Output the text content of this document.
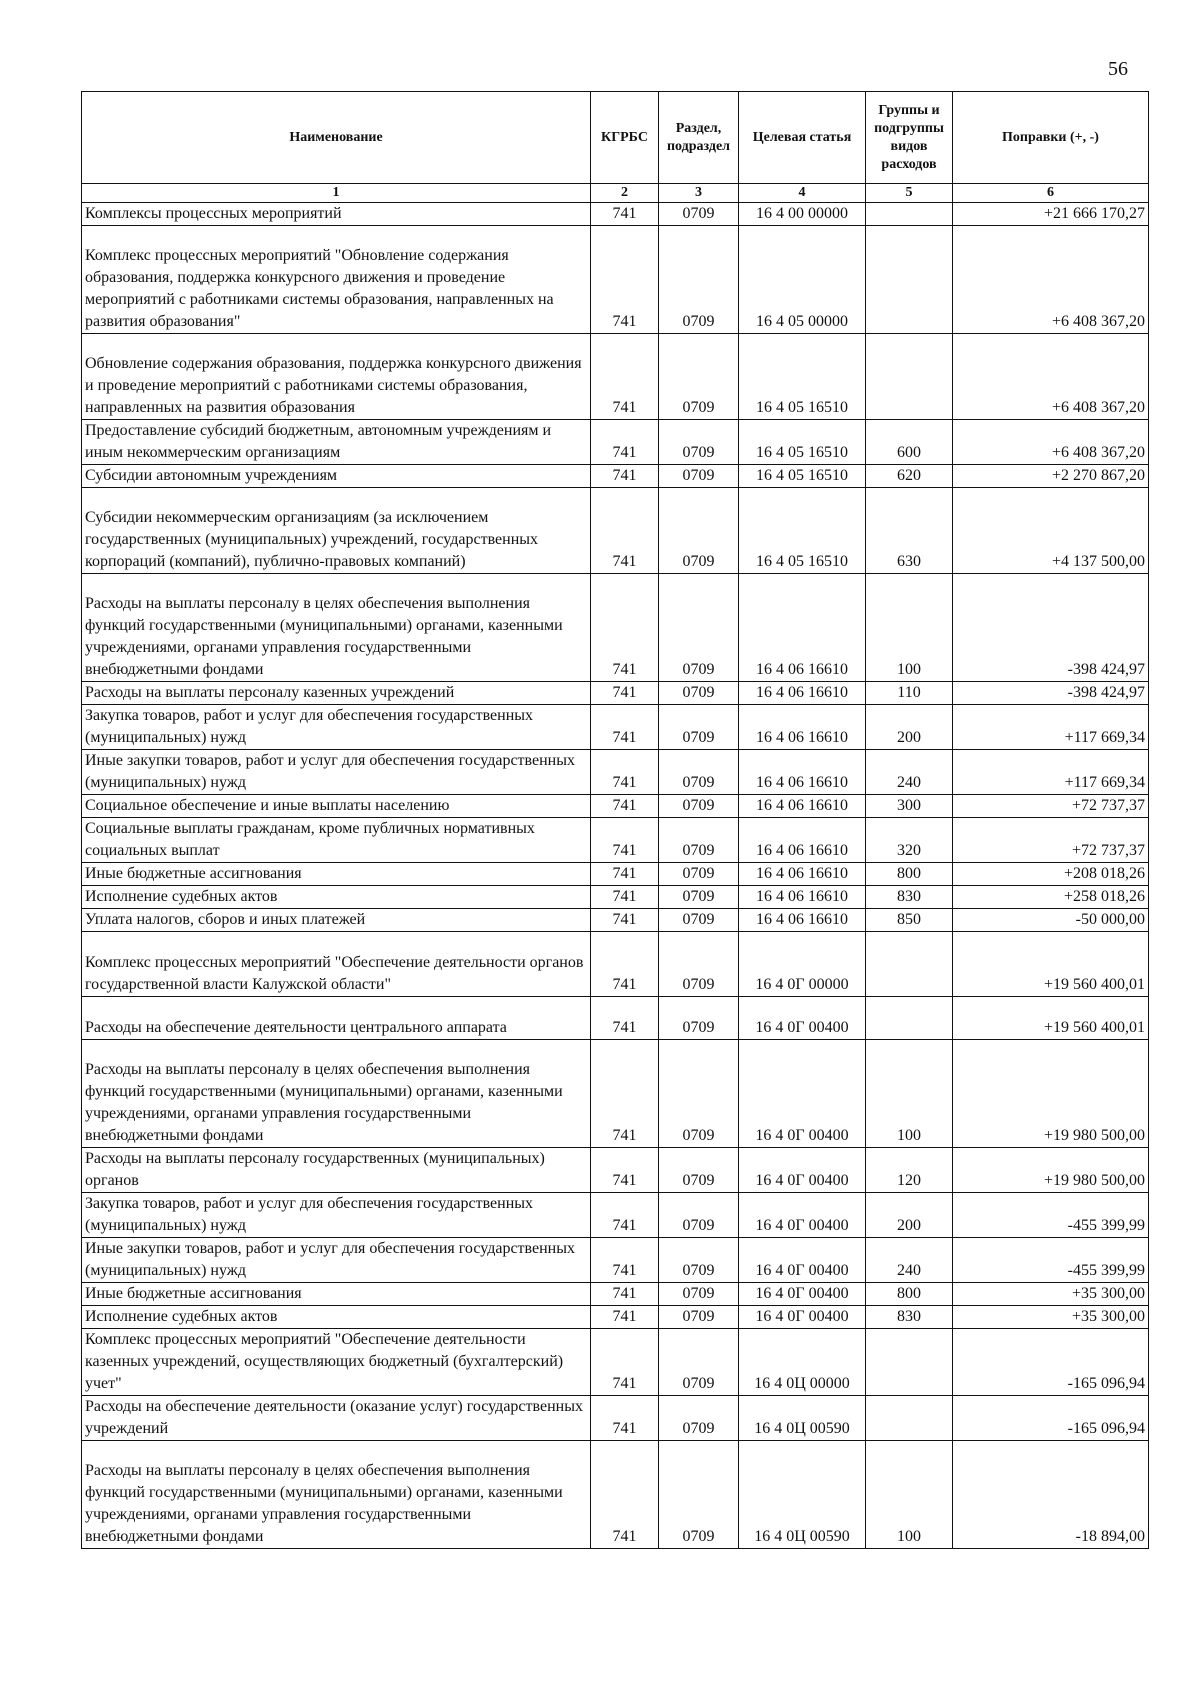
56
Наименование	КГРБС	Раздел, подраздел	Целевая статья	Группы и подгруппы видов расходов	Поправки (+, -)
1	2	3	4	5	6
Комплексы процессных мероприятий	741	0709	16 4 00 00000		+21 666 170,27
Комплекс процессных мероприятий "Обновление содержания образования, поддержка конкурсного движения и проведение мероприятий с работниками системы образования, направленных на развития образования"	741	0709	16 4 05 00000		+6 408 367,20
Обновление содержания образования, поддержка конкурсного движения и проведение мероприятий с работниками системы образования, направленных на развития образования	741	0709	16 4 05 16510		+6 408 367,20
Предоставление субсидий бюджетным, автономным учреждениям и иным некоммерческим организациям	741	0709	16 4 05 16510	600	+6 408 367,20
Субсидии автономным учреждениям	741	0709	16 4 05 16510	620	+2 270 867,20
Субсидии некоммерческим организациям (за исключением государственных (муниципальных) учреждений, государственных корпораций (компаний), публично-правовых компаний)	741	0709	16 4 05 16510	630	+4 137 500,00
Расходы на выплаты персоналу в целях обеспечения выполнения функций государственными (муниципальными) органами, казенными учреждениями, органами управления государственными внебюджетными фондами	741	0709	16 4 06 16610	100	-398 424,97
Расходы на выплаты персоналу казенных учреждений	741	0709	16 4 06 16610	110	-398 424,97
Закупка товаров, работ и услуг для обеспечения государственных (муниципальных) нужд	741	0709	16 4 06 16610	200	+117 669,34
Иные закупки товаров, работ и услуг для обеспечения государственных (муниципальных) нужд	741	0709	16 4 06 16610	240	+117 669,34
Социальное обеспечение и иные выплаты населению	741	0709	16 4 06 16610	300	+72 737,37
Социальные выплаты гражданам, кроме публичных нормативных социальных выплат	741	0709	16 4 06 16610	320	+72 737,37
Иные бюджетные ассигнования	741	0709	16 4 06 16610	800	+208 018,26
Исполнение судебных актов	741	0709	16 4 06 16610	830	+258 018,26
Уплата налогов, сборов и иных платежей	741	0709	16 4 06 16610	850	-50 000,00
Комплекс процессных мероприятий "Обеспечение деятельности органов государственной власти Калужской области"	741	0709	16 4 0Г 00000		+19 560 400,01
Расходы на обеспечение деятельности центрального аппарата	741	0709	16 4 0Г 00400		+19 560 400,01
Расходы на выплаты персоналу в целях обеспечения выполнения функций государственными (муниципальными) органами, казенными учреждениями, органами управления государственными внебюджетными фондами	741	0709	16 4 0Г 00400	100	+19 980 500,00
Расходы на выплаты персоналу государственных (муниципальных) органов	741	0709	16 4 0Г 00400	120	+19 980 500,00
Закупка товаров, работ и услуг для обеспечения государственных (муниципальных) нужд	741	0709	16 4 0Г 00400	200	-455 399,99
Иные закупки товаров, работ и услуг для обеспечения государственных (муниципальных) нужд	741	0709	16 4 0Г 00400	240	-455 399,99
Иные бюджетные ассигнования	741	0709	16 4 0Г 00400	800	+35 300,00
Исполнение судебных актов	741	0709	16 4 0Г 00400	830	+35 300,00
Комплекс процессных мероприятий "Обеспечение деятельности казенных учреждений, осуществляющих бюджетный (бухгалтерский) учет"	741	0709	16 4 0Ц 00000		-165 096,94
Расходы на обеспечение деятельности (оказание услуг) государственных учреждений	741	0709	16 4 0Ц 00590		-165 096,94
Расходы на выплаты персоналу в целях обеспечения выполнения функций государственными (муниципальными) органами, казенными учреждениями, органами управления государственными внебюджетными фондами	741	0709	16 4 0Ц 00590	100	-18 894,00
